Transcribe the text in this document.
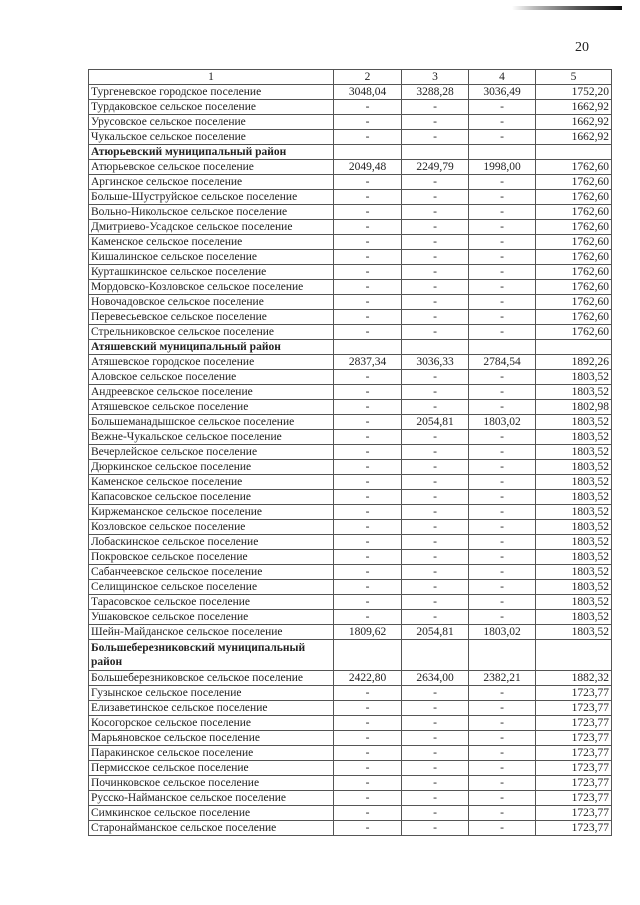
20
1	2	3	4	5
Тургеневское городское поселение	3048,04	3288,28	3036,49	1752,20
Турдаковское сельское поселение	-	-	-	1662,92
Урусовское сельское поселение	-	-	-	1662,92
Чукальское сельское поселение	-	-	-	1662,92
Атюрьевский муниципальный район				
Атюрьевское сельское поселение	2049,48	2249,79	1998,00	1762,60
Аргинское сельское поселение	-	-	-	1762,60
Больше-Шуструйское сельское поселение	-	-	-	1762,60
Вольно-Никольское сельское поселение	-	-	-	1762,60
Дмитриево-Усадское сельское поселение	-	-	-	1762,60
Каменское сельское поселение	-	-	-	1762,60
Кишалинское сельское поселение	-	-	-	1762,60
Курташкинское сельское поселение	-	-	-	1762,60
Мордовско-Козловское сельское поселение	-	-	-	1762,60
Новочадовское сельское поселение	-	-	-	1762,60
Перевесьевское сельское поселение	-	-	-	1762,60
Стрельниковское сельское поселение	-	-	-	1762,60
Атяшевский муниципальный район				
Атяшевское городское поселение	2837,34	3036,33	2784,54	1892,26
Аловское сельское поселение	-	-	-	1803,52
Андреевское сельское поселение	-	-	-	1803,52
Атяшевское сельское поселение	-	-	-	1802,98
Большеманадышское сельское поселение	-	2054,81	1803,02	1803,52
Вежне-Чукальское сельское поселение	-	-	-	1803,52
Вечерлейское сельское поселение	-	-	-	1803,52
Дюркинское сельское поселение	-	-	-	1803,52
Каменское сельское поселение	-	-	-	1803,52
Капасовское сельское поселение	-	-	-	1803,52
Киржеманское сельское поселение	-	-	-	1803,52
Козловское сельское поселение	-	-	-	1803,52
Лобаскинское сельское поселение	-	-	-	1803,52
Покровское сельское поселение	-	-	-	1803,52
Сабанчеевское сельское поселение	-	-	-	1803,52
Селищинское сельское поселение	-	-	-	1803,52
Тарасовское сельское поселение	-	-	-	1803,52
Ушаковское сельское поселение	-	-	-	1803,52
Шейн-Майданское сельское поселение	1809,62	2054,81	1803,02	1803,52
Большеберезниковский муниципальный район				
Большеберезниковское сельское поселение	2422,80	2634,00	2382,21	1882,32
Гузынское сельское поселение	-	-	-	1723,77
Елизаветинское сельское поселение	-	-	-	1723,77
Косогорское сельское поселение	-	-	-	1723,77
Марьяновское сельское поселение	-	-	-	1723,77
Паракинское сельское поселение	-	-	-	1723,77
Пермисское сельское поселение	-	-	-	1723,77
Починковское сельское поселение	-	-	-	1723,77
Русско-Найманское сельское поселение	-	-	-	1723,77
Симкинское сельское поселение	-	-	-	1723,77
Старонайманское сельское поселение	-	-	-	1723,77
